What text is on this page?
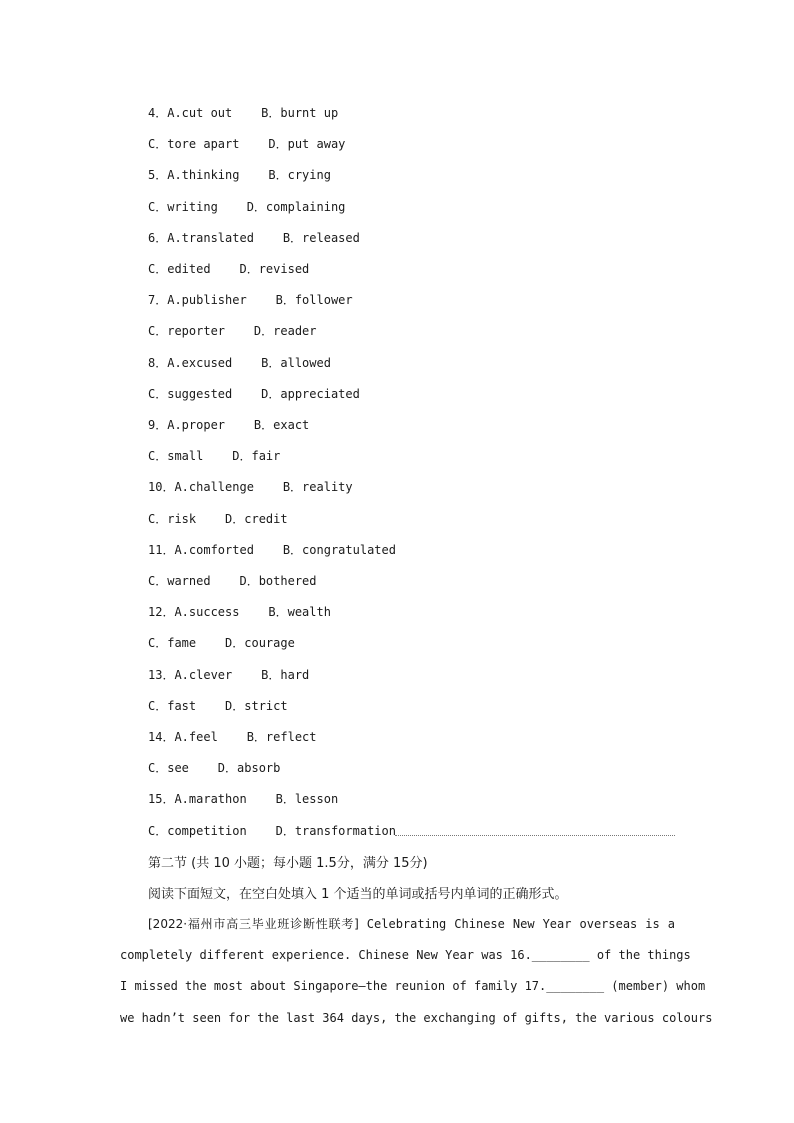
4．A.cut out    B．burnt up
C．tore apart    D．put away
5．A.thinking    B．crying
C．writing    D．complaining
6．A.translated    B．released
C．edited    D．revised
7．A.publisher    B．follower
C．reporter    D．reader
8．A.excused    B．allowed
C．suggested    D．appreciated
9．A.proper    B．exact
C．small    D．fair
10．A.challenge    B．reality
C．risk    D．credit
11．A.comforted    B．congratulated
C．warned    D．bothered
12．A.success    B．wealth
C．fame    D．courage
13．A.clever    B．hard
C．fast    D．strict
14．A.feel    B．reflect
C．see    D．absorb
15．A.marathon    B．lesson
C．competition    D．transformation
第二节 (共 10 小题；每小题 1.5分，满分 15分)
阅读下面短文，在空白处填入 1 个适当的单词或括号内单词的正确形式。
[2022·福州市高三毕业班诊断性联考] Celebrating Chinese New Year overseas is a
completely different experience. Chinese New Year was 16.________ of the things
I missed the most about Singapore—the reunion of family 17.________ (member) whom
we hadn’t seen for the last 364 days, the exchanging of gifts, the various colours
